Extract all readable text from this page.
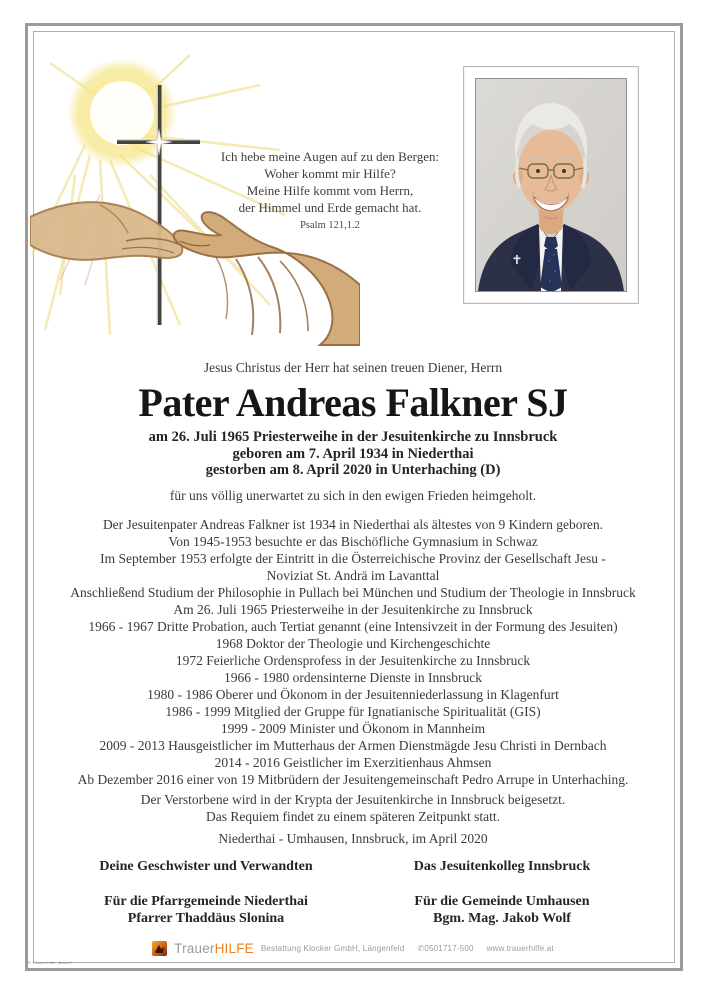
Ich hebe meine Augen auf zu den Bergen:
Woher kommt mir Hilfe?
Meine Hilfe kommt vom Herrn,
der Himmel und Erde gemacht hat.
Psalm 121,1.2
Jesus Christus der Herr hat seinen treuen Diener, Herrn
Pater Andreas Falkner SJ
am 26. Juli 1965 Priesterweihe in der Jesuitenkirche zu Innsbruck
geboren am 7. April 1934 in Niederthai
gestorben am 8. April 2020 in Unterhaching (D)
für uns völlig unerwartet zu sich in den ewigen Frieden heimgeholt.
Der Jesuitenpater Andreas Falkner ist 1934 in Niederthai als ältestes von 9 Kindern geboren.
Von 1945-1953 besuchte er das Bischöfliche Gymnasium in Schwaz
Im September 1953 erfolgte der Eintritt in die Österreichische Provinz der Gesellschaft Jesu -
Noviziat St. Andrä im Lavanttal
Anschließend Studium der Philosophie in Pullach bei München und Studium der Theologie in Innsbruck
Am 26. Juli 1965 Priesterweihe in der Jesuitenkirche zu Innsbruck
1966 - 1967 Dritte Probation, auch Tertiat genannt (eine Intensivzeit in der Formung des Jesuiten)
1968 Doktor der Theologie und Kirchengeschichte
1972 Feierliche Ordensprofess in der Jesuitenkirche zu Innsbruck
1966 - 1980 ordensinterne Dienste in Innsbruck
1980 - 1986 Oberer und Ökonom in der Jesuitenniederlassung in Klagenfurt
1986 - 1999 Mitglied der Gruppe für Ignatianische Spiritualität (GIS)
1999 - 2009 Minister und Ökonom in Mannheim
2009 - 2013 Hausgeistlicher im Mutterhaus der Armen Dienstmägde Jesu Christi in Dernbach
2014 - 2016 Geistlicher im Exerzitienhaus Ahmsen
Ab Dezember 2016 einer von 19 Mitbrüdern der Jesuitengemeinschaft Pedro Arrupe in Unterhaching.
Der Verstorbene wird in der Krypta der Jesuitenkirche in Innsbruck beigesetzt.
Das Requiem findet zu einem späteren Zeitpunkt statt.
Niederthai - Umhausen, Innsbruck, im April 2020
Deine Geschwister und Verwandten
Für die Pfarrgemeinde Niederthai
Pfarrer Thaddäus Slonina
Das Jesuitenkolleg Innsbruck
Für die Gemeinde Umhausen
Bgm. Mag. Jakob Wolf
TrauerHILFE Bestattung Klocker GmbH, Längenfeld ✆0501717-500 www.trauerhilfe.at
© Trauer-Hilfe „Bambi“
